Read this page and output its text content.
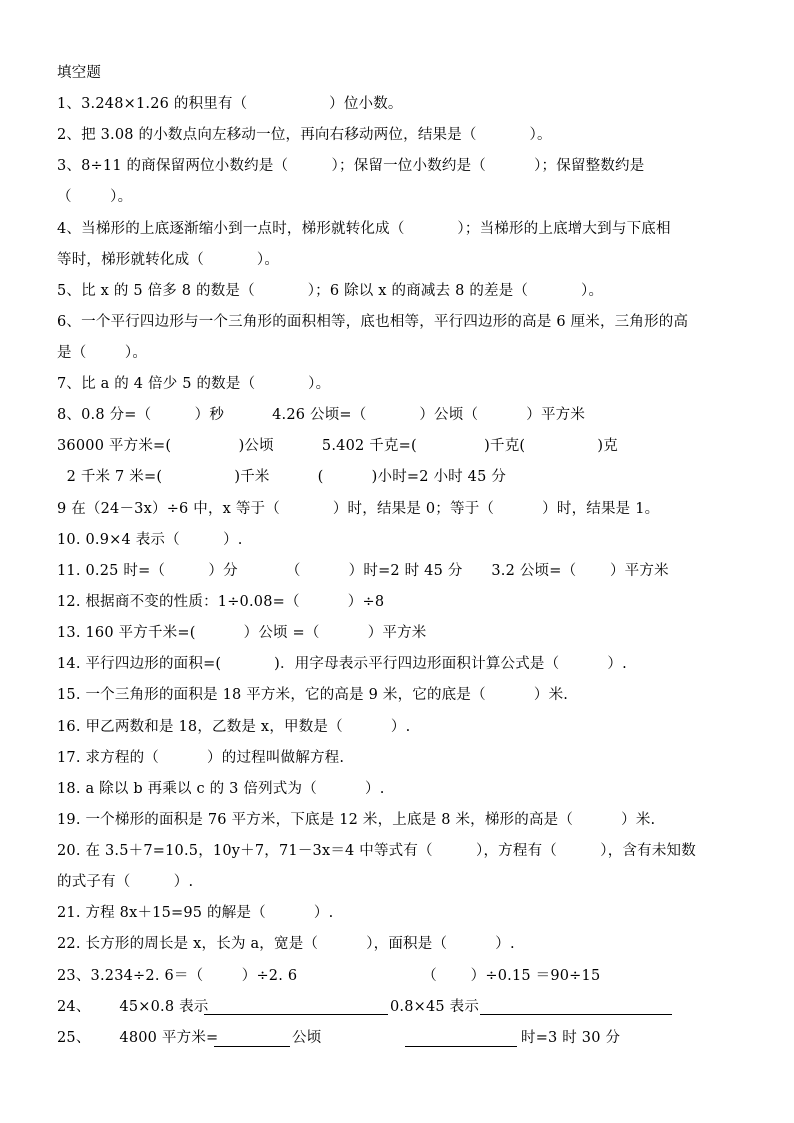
填空题
1、3.248×1.26 的积里有（                 ）位小数。
2、把 3.08 的小数点向左移动一位，再向右移动两位，结果是（           ）。
3、8÷11 的商保留两位小数约是（         ）；保留一位小数约是（          ）；保留整数约是
（        ）。
4、当梯形的上底逐渐缩小到一点时，梯形就转化成（           ）；当梯形的上底增大到与下底相
等时，梯形就转化成（           ）。
5、比 x 的 5 倍多 8 的数是（           ）；6 除以 x 的商减去 8 的差是（           ）。
6、一个平行四边形与一个三角形的面积相等，底也相等，平行四边形的高是 6 厘米，三角形的高
是（        ）。
7、比 a 的 4 倍少 5 的数是（           ）。
8、0.8 分=（         ）秒          4.26 公顷=（           ）公顷（          ）平方米
36000 平方米=(              )公顷          5.402 千克=(              )千克(               )克
2 千米 7 米=(               )千米          (          )小时=2 小时 45 分
9 在（24－3x）÷6 中，x 等于（           ）时，结果是 0；等于（          ）时，结果是 1。
10. 0.9×4 表示（         ）.
11. 0.25 时=（         ）分          （          ）时=2 时 45 分      3.2 公顷=（       ）平方米
12. 根据商不变的性质：1÷0.08=（          ）÷8
13. 160 平方千米=(          ）公顷 =（          ）平方米
14. 平行四边形的面积=(           )．用字母表示平行四边形面积计算公式是（          ）.
15. 一个三角形的面积是 18 平方米，它的高是 9 米，它的底是（          ）米.
16. 甲乙两数和是 18，乙数是 x，甲数是（          ）.
17. 求方程的（          ）的过程叫做解方程.
18. a 除以 b 再乘以 c 的 3 倍列式为（          ）.
19. 一个梯形的面积是 76 平方米，下底是 12 米，上底是 8 米，梯形的高是（          ）米.
20. 在 3.5＋7=10.5，10y＋7，71－3x＝4 中等式有（         ），方程有（         ），含有未知数
的式子有（         ）.
21. 方程 8x＋15=95 的解是（          ）.
22. 长方形的周长是 x，长为 a，宽是（          ），面积是（          ）.
23、3.234÷2. 6＝（        ）÷2. 6                          （       ）÷0.15 ＝90÷15
24、      45×0.8 表示	0.8×45 表示
25、      4800 平方米=	公顷	时=3 时 30 分
